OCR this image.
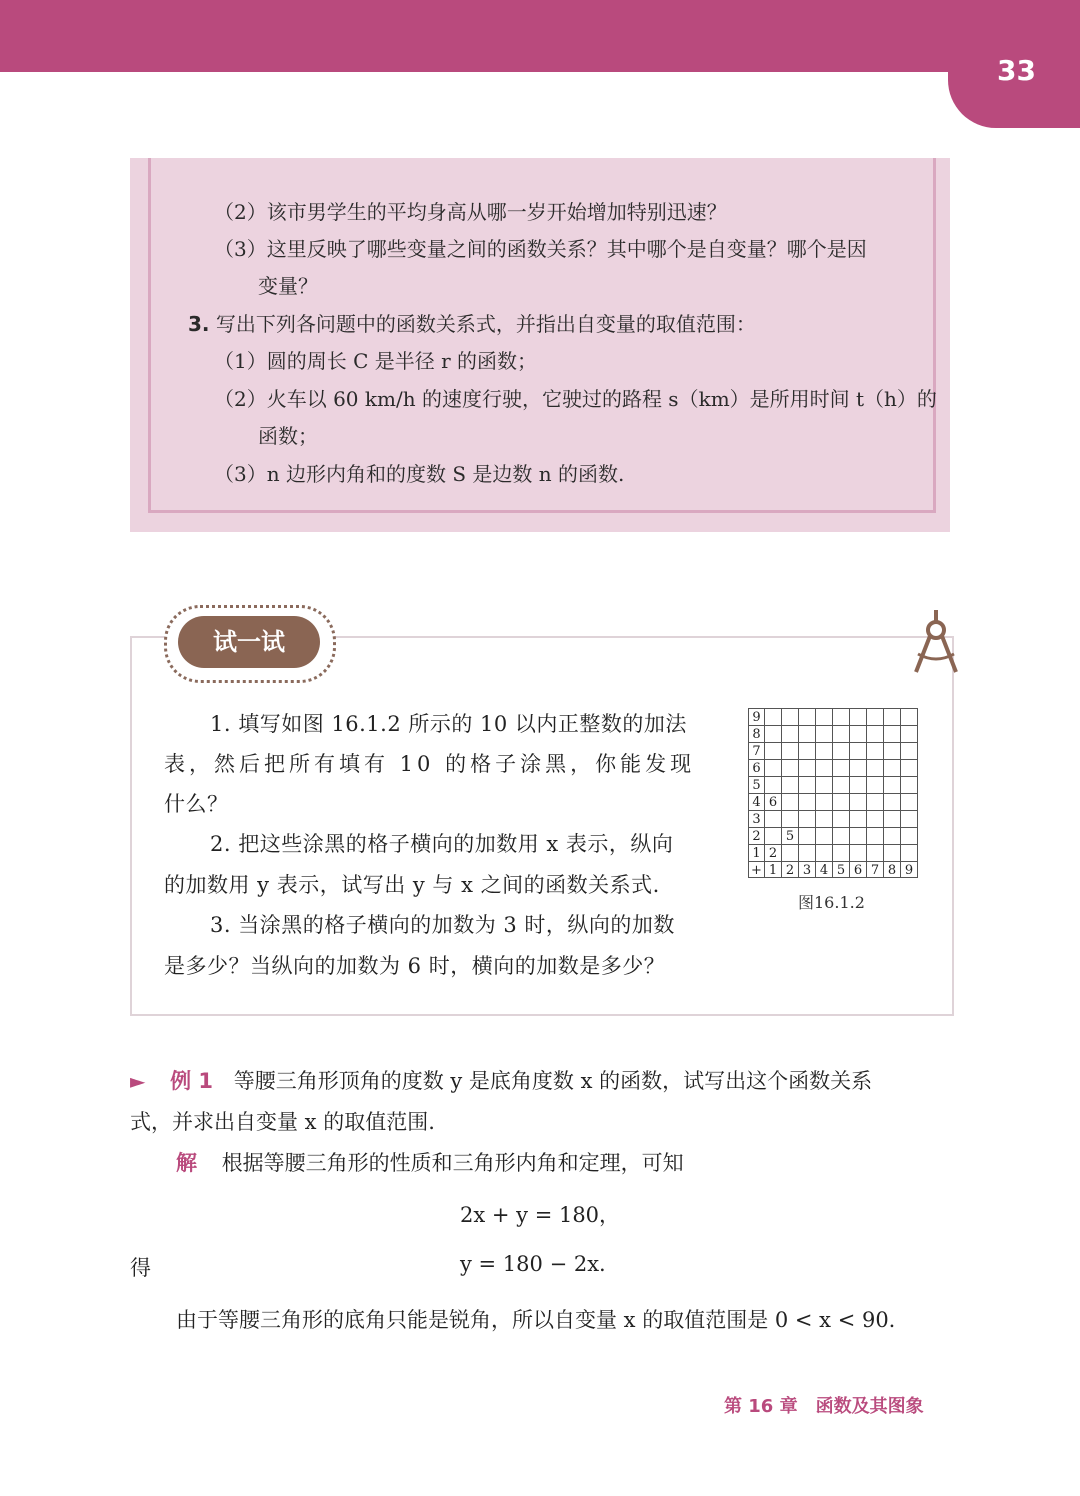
33
（2）该市男学生的平均身高从哪一岁开始增加特别迅速？
（3）这里反映了哪些变量之间的函数关系？其中哪个是自变量？哪个是因
变量？
3. 写出下列各问题中的函数关系式，并指出自变量的取值范围：
（1）圆的周长 C 是半径 r 的函数；
（2）火车以 60 km/h 的速度行驶，它驶过的路程 s（km）是所用时间 t（h）的
函数；
（3）n 边形内角和的度数 S 是边数 n 的函数.
试一试
1. 填写如图 16.1.2 所示的 10 以内正整数的加法
表，然后把所有填有 10 的格子涂黑，你能发现
什么？
2. 把这些涂黑的格子横向的加数用 x 表示，纵向
的加数用 y 表示，试写出 y 与 x 之间的函数关系式.
3. 当涂黑的格子横向的加数为 3 时，纵向的加数
是多少？当纵向的加数为 6 时，横向的加数是多少？
9
8
7
6
5
4 6
3
2	5
1 2
+ 1 2 3 4 5 6 7 8 9
图16.1.2
► 例 1 等腰三角形顶角的度数 y 是底角度数 x 的函数，试写出这个函数关系
式，并求出自变量 x 的取值范围.
解 根据等腰三角形的性质和三角形内角和定理，可知
2x + y = 180，
得	y = 180 − 2x.
由于等腰三角形的底角只能是锐角，所以自变量 x 的取值范围是 0 < x < 90.
第 16 章　函数及其图象
